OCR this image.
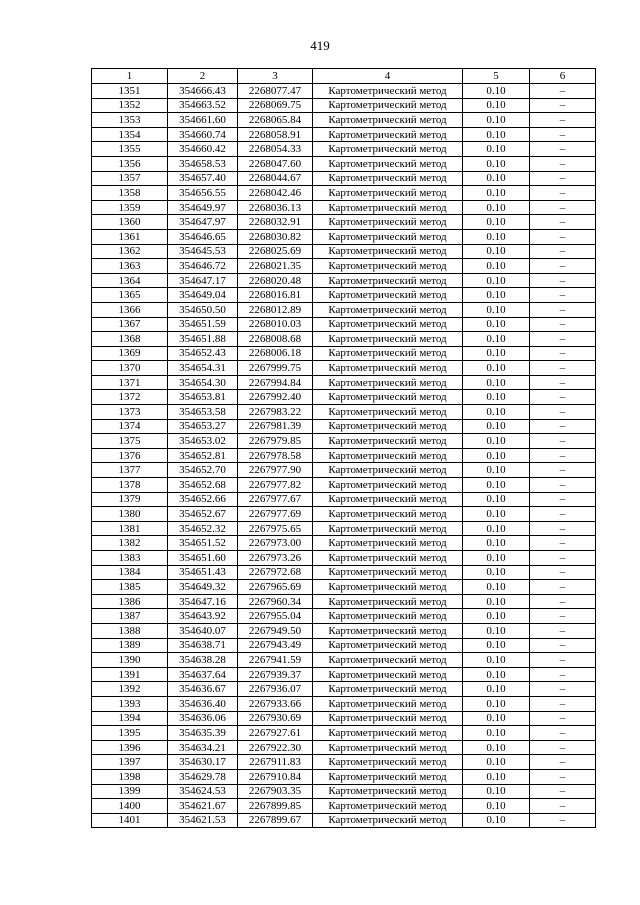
419
1	2	3	4	5	6
1351	354666.43	2268077.47	Картометрический метод	0.10	–
1352	354663.52	2268069.75	Картометрический метод	0.10	–
1353	354661.60	2268065.84	Картометрический метод	0.10	–
1354	354660.74	2268058.91	Картометрический метод	0.10	–
1355	354660.42	2268054.33	Картометрический метод	0.10	–
1356	354658.53	2268047.60	Картометрический метод	0.10	–
1357	354657.40	2268044.67	Картометрический метод	0.10	–
1358	354656.55	2268042.46	Картометрический метод	0.10	–
1359	354649.97	2268036.13	Картометрический метод	0.10	–
1360	354647.97	2268032.91	Картометрический метод	0.10	–
1361	354646.65	2268030.82	Картометрический метод	0.10	–
1362	354645.53	2268025.69	Картометрический метод	0.10	–
1363	354646.72	2268021.35	Картометрический метод	0.10	–
1364	354647.17	2268020.48	Картометрический метод	0.10	–
1365	354649.04	2268016.81	Картометрический метод	0.10	–
1366	354650.50	2268012.89	Картометрический метод	0.10	–
1367	354651.59	2268010.03	Картометрический метод	0.10	–
1368	354651.88	2268008.68	Картометрический метод	0.10	–
1369	354652.43	2268006.18	Картометрический метод	0.10	–
1370	354654.31	2267999.75	Картометрический метод	0.10	–
1371	354654.30	2267994.84	Картометрический метод	0.10	–
1372	354653.81	2267992.40	Картометрический метод	0.10	–
1373	354653.58	2267983.22	Картометрический метод	0.10	–
1374	354653.27	2267981.39	Картометрический метод	0.10	–
1375	354653.02	2267979.85	Картометрический метод	0.10	–
1376	354652.81	2267978.58	Картометрический метод	0.10	–
1377	354652.70	2267977.90	Картометрический метод	0.10	–
1378	354652.68	2267977.82	Картометрический метод	0.10	–
1379	354652.66	2267977.67	Картометрический метод	0.10	–
1380	354652.67	2267977.69	Картометрический метод	0.10	–
1381	354652.32	2267975.65	Картометрический метод	0.10	–
1382	354651.52	2267973.00	Картометрический метод	0.10	–
1383	354651.60	2267973.26	Картометрический метод	0.10	–
1384	354651.43	2267972.68	Картометрический метод	0.10	–
1385	354649.32	2267965.69	Картометрический метод	0.10	–
1386	354647.16	2267960.34	Картометрический метод	0.10	–
1387	354643.92	2267955.04	Картометрический метод	0.10	–
1388	354640.07	2267949.50	Картометрический метод	0.10	–
1389	354638.71	2267943.49	Картометрический метод	0.10	–
1390	354638.28	2267941.59	Картометрический метод	0.10	–
1391	354637.64	2267939.37	Картометрический метод	0.10	–
1392	354636.67	2267936.07	Картометрический метод	0.10	–
1393	354636.40	2267933.66	Картометрический метод	0.10	–
1394	354636.06	2267930.69	Картометрический метод	0.10	–
1395	354635.39	2267927.61	Картометрический метод	0.10	–
1396	354634.21	2267922.30	Картометрический метод	0.10	–
1397	354630.17	2267911.83	Картометрический метод	0.10	–
1398	354629.78	2267910.84	Картометрический метод	0.10	–
1399	354624.53	2267903.35	Картометрический метод	0.10	–
1400	354621.67	2267899.85	Картометрический метод	0.10	–
1401	354621.53	2267899.67	Картометрический метод	0.10	–
